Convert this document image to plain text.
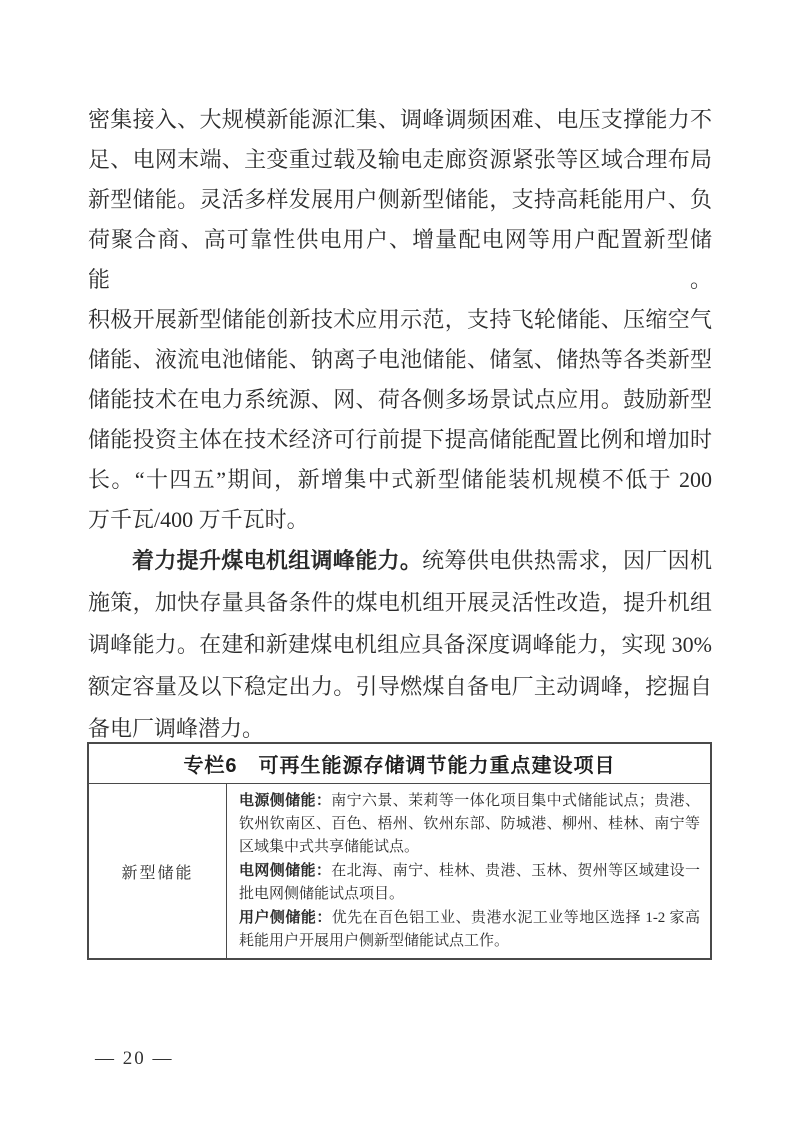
密集接入、大规模新能源汇集、调峰调频困难、电压支撑能力不
足、电网末端、主变重过载及输电走廊资源紧张等区域合理布局
新型储能。灵活多样发展用户侧新型储能，支持高耗能用户、负
荷聚合商、高可靠性供电用户、增量配电网等用户配置新型储能。
积极开展新型储能创新技术应用示范，支持飞轮储能、压缩空气
储能、液流电池储能、钠离子电池储能、储氢、储热等各类新型
储能技术在电力系统源、网、荷各侧多场景试点应用。鼓励新型
储能投资主体在技术经济可行前提下提高储能配置比例和增加时
长。“十四五”期间，新增集中式新型储能装机规模不低于 200
万千瓦/400 万千瓦时。
着力提升煤电机组调峰能力。统筹供电供热需求，因厂因机
施策，加快存量具备条件的煤电机组开展灵活性改造，提升机组
调峰能力。在建和新建煤电机组应具备深度调峰能力，实现 30%
额定容量及以下稳定出力。引导燃煤自备电厂主动调峰，挖掘自
备电厂调峰潜力。
专栏6　可再生能源存储调节能力重点建设项目
新型储能

电源侧储能：南宁六景、茉莉等一体化项目集中式储能试点；贵港、钦州钦南区、百色、梧州、钦州东部、防城港、柳州、桂林、南宁等区域集中式共享储能试点。

电网侧储能：在北海、南宁、桂林、贵港、玉林、贺州等区域建设一批电网侧储能试点项目。

用户侧储能：优先在百色铝工业、贵港水泥工业等地区选择 1-2 家高耗能用户开展用户侧新型储能试点工作。

— 20 —
